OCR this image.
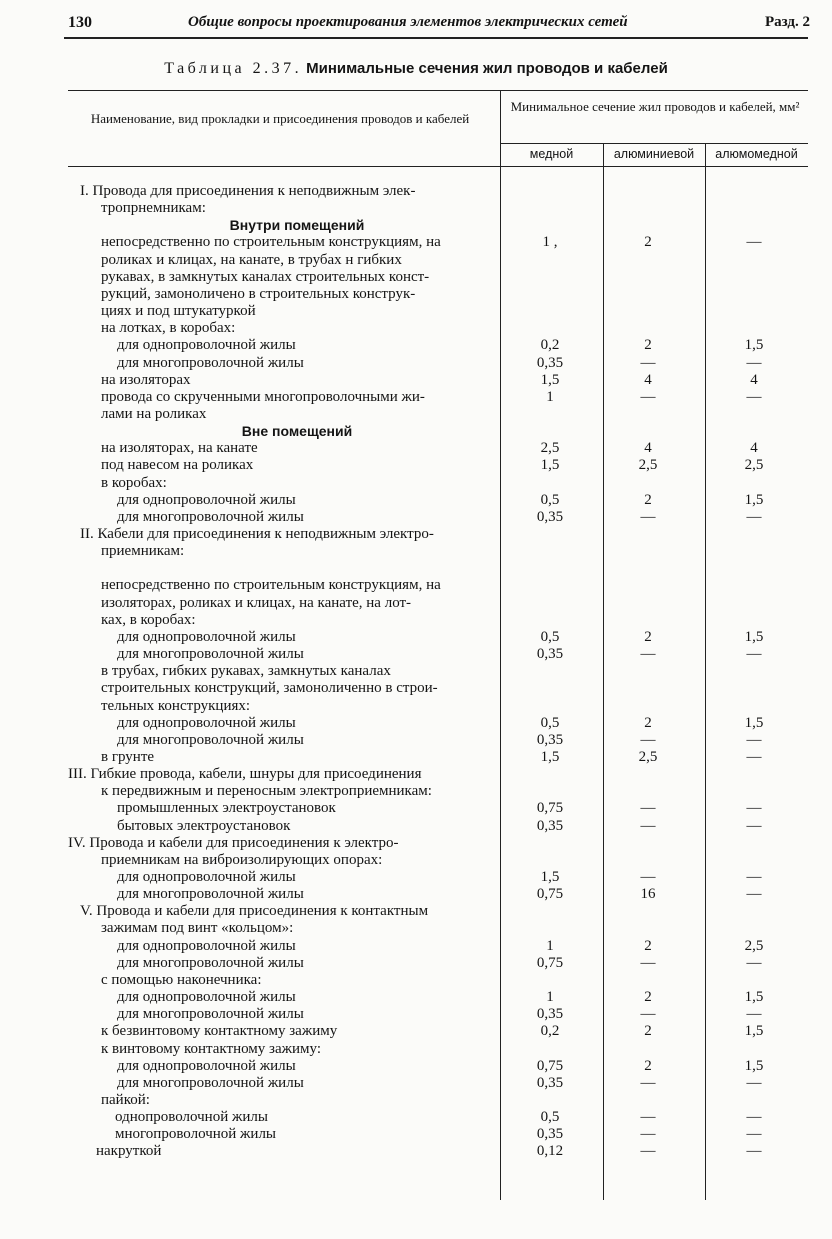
130	Общие вопросы проектирования элементов электрических сетей	Разд. 2
Таблица 2.37. Минимальные сечения жил проводов и кабелей
Наименование, вид прокладки и присоединения проводов и кабелей
Минимальное сечение жил проводов и кабелей, мм²
медной	алюминиевой	алюмомедной
I. Провода для присоединения к неподвижным элек-
тропрнемникам:
Внутри помещений
непосредственно по строительным конструкциям, на	1 ,	2	—
роликах и клицах, на канате, в трубах н гибких
рукавах, в замкнутых каналах строительных конст-
рукций, замоноличено в строительных конструк-
циях и под штукатуркой
на лотках, в коробах:
для однопроволочной жилы	0,2	2	1,5
для многопроволочной жилы	0,35	—	—
на изоляторах	1,5	4	4
провода со скрученными многопроволочными жи-	1	—	—
лами на роликах
Вне помещений
на изоляторах, на канате	2,5	4	4
под навесом на роликах	1,5	2,5	2,5
в коробах:
для однопроволочной жилы	0,5	2	1,5
для многопроволочной жилы	0,35	—	—
II. Кабели для присоединения к неподвижным электро-
приемникам:
непосредственно по строительным конструкциям, на
изоляторах, роликах и клицах, на канате, на лот-
ках, в коробах:
для однопроволочной жилы	0,5	2	1,5
для многопроволочной жилы	0,35	—	—
в трубах, гибких рукавах, замкнутых каналах
строительных конструкций, замоноличенно в строи-
тельных конструкциях:
для однопроволочной жилы	0,5	2	1,5
для многопроволочной жилы	0,35	—	—
в грунте	1,5	2,5	—
III. Гибкие провода, кабели, шнуры для присоединения
к передвижным и переносным электроприемникам:
промышленных электроустановок	0,75	—	—
бытовых электроустановок	0,35	—	—
IV. Провода и кабели для присоединения к электро-
приемникам на виброизолирующих опорах:
для однопроволочной жилы	1,5	—	—
для многопроволочной жилы	0,75	16	—
V. Провода и кабели для присоединения к контактным
зажимам под винт «кольцом»:
для однопроволочной жилы	1	2	2,5
для многопроволочной жилы	0,75	—	—
с помощью наконечника:
для однопроволочной жилы	1	2	1,5
для многопроволочной жилы	0,35	—	—
к безвинтовому контактному зажиму	0,2	2	1,5
к винтовому контактному зажиму:
для однопроволочной жилы	0,75	2	1,5
для многопроволочной жилы	0,35	—	—
пайкой:
однопроволочной жилы	0,5	—	—
многопроволочной жилы	0,35	—	—
накруткой	0,12	—	—
